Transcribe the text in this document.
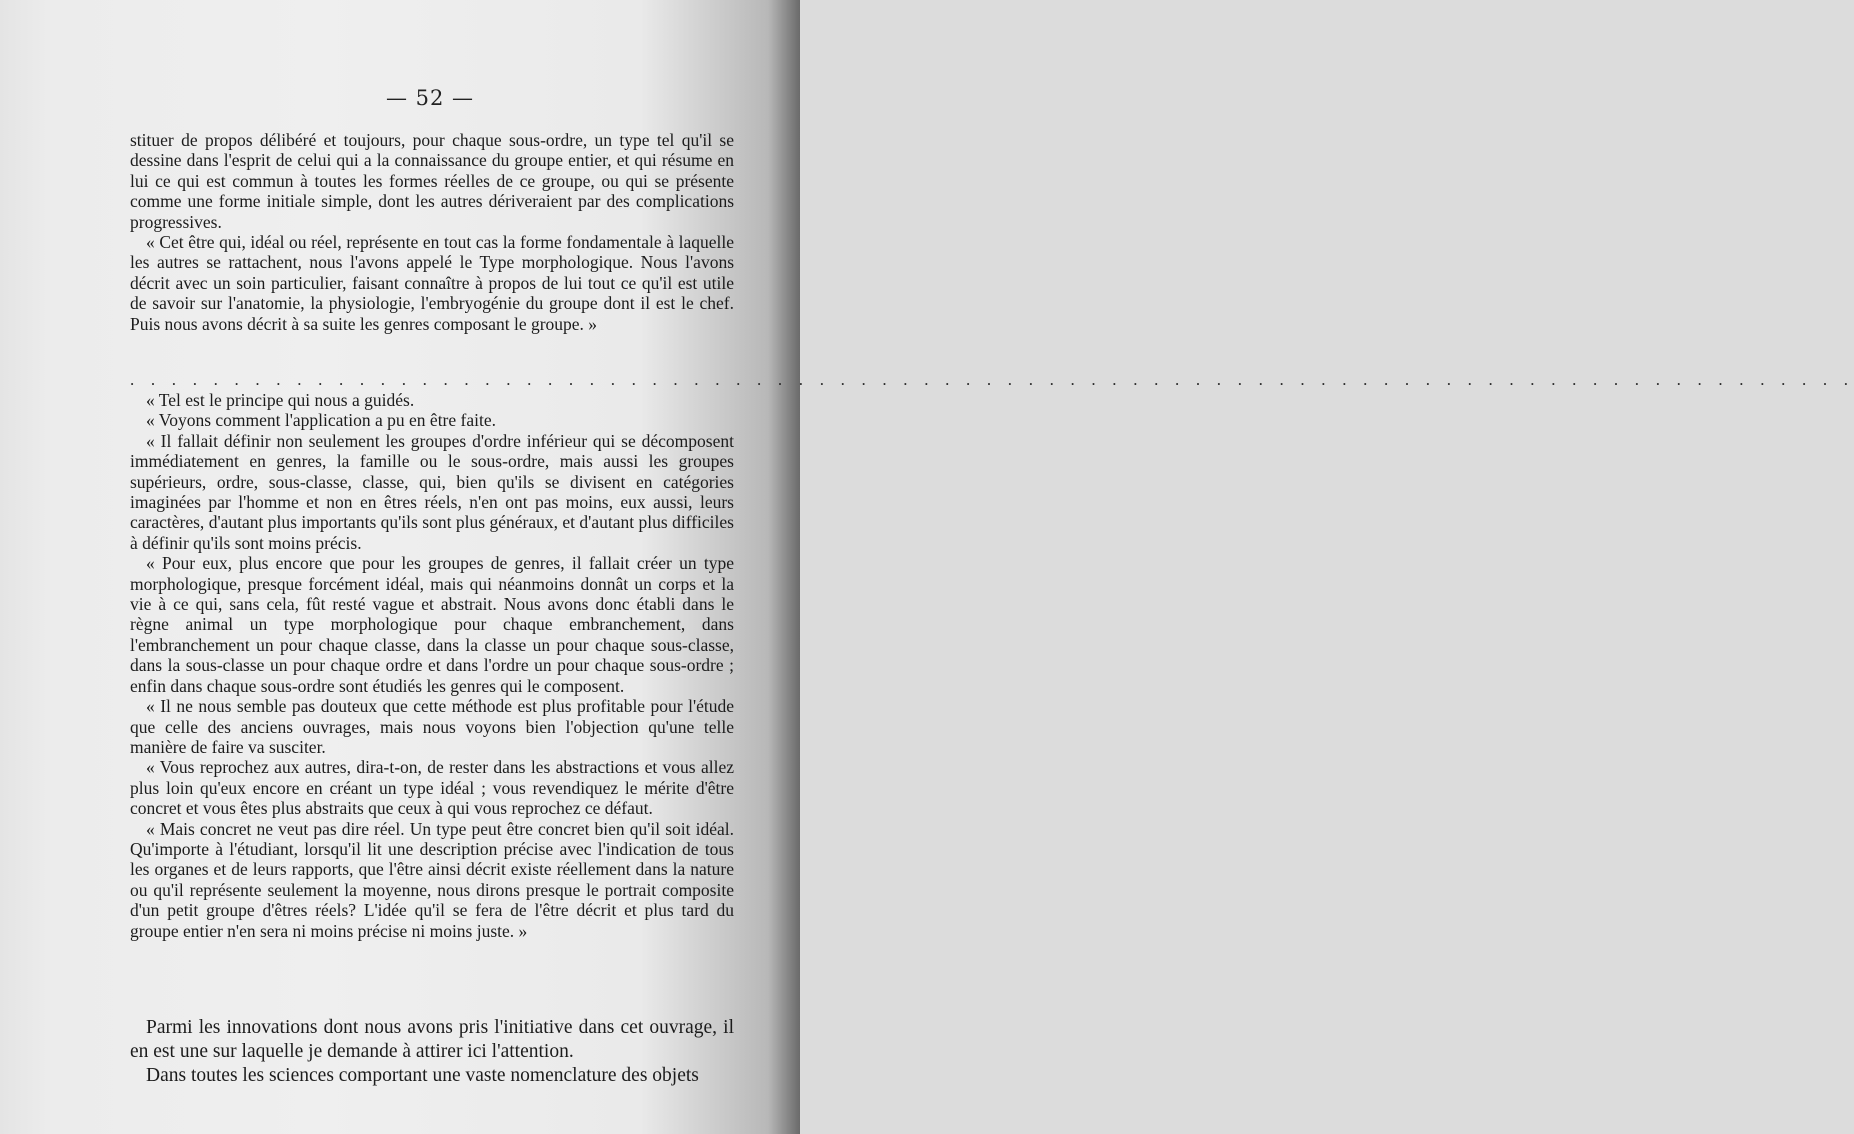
— 52 —

stituer de propos délibéré et toujours, pour chaque sous-ordre, un type tel qu'il se dessine dans l'esprit de celui qui a la connaissance du groupe entier, et qui résume en lui ce qui est commun à toutes les formes réelles de ce groupe, ou qui se présente comme une forme initiale simple, dont les autres dériveraient par des complications progressives.

« Cet être qui, idéal ou réel, représente en tout cas la forme fondamentale à laquelle les autres se rattachent, nous l'avons appelé le Type morphologique. Nous l'avons décrit avec un soin particulier, faisant connaître à propos de lui tout ce qu'il est utile de savoir sur l'anatomie, la physiologie, l'embryogénie du groupe dont il est le chef. Puis nous avons décrit à sa suite les genres composant le groupe. »

. . . . . . . . . . . . . . . . . . . . . . . . . . . . . . . . . . . . . . . . . . . . . . . . . . . . . . . . . . . . . . . . . . . . . . . . . . . . . . . . . . .

« Tel est le principe qui nous a guidés.

« Voyons comment l'application a pu en être faite.

« Il fallait définir non seulement les groupes d'ordre inférieur qui se décomposent immédiatement en genres, la famille ou le sous-ordre, mais aussi les groupes supérieurs, ordre, sous-classe, classe, qui, bien qu'ils se divisent en catégories imaginées par l'homme et non en êtres réels, n'en ont pas moins, eux aussi, leurs caractères, d'autant plus importants qu'ils sont plus généraux, et d'autant plus difficiles à définir qu'ils sont moins précis.

« Pour eux, plus encore que pour les groupes de genres, il fallait créer un type morphologique, presque forcément idéal, mais qui néanmoins donnât un corps et la vie à ce qui, sans cela, fût resté vague et abstrait. Nous avons donc établi dans le règne animal un type morphologique pour chaque embranchement, dans l'embranchement un pour chaque classe, dans la classe un pour chaque sous-classe, dans la sous-classe un pour chaque ordre et dans l'ordre un pour chaque sous-ordre ; enfin dans chaque sous-ordre sont étudiés les genres qui le composent.

« Il ne nous semble pas douteux que cette méthode est plus profitable pour l'étude que celle des anciens ouvrages, mais nous voyons bien l'objection qu'une telle manière de faire va susciter.

« Vous reprochez aux autres, dira-t-on, de rester dans les abstractions et vous allez plus loin qu'eux encore en créant un type idéal ; vous revendiquez le mérite d'être concret et vous êtes plus abstraits que ceux à qui vous reprochez ce défaut.

« Mais concret ne veut pas dire réel. Un type peut être concret bien qu'il soit idéal. Qu'importe à l'étudiant, lorsqu'il lit une description précise avec l'indication de tous les organes et de leurs rapports, que l'être ainsi décrit existe réellement dans la nature ou qu'il représente seulement la moyenne, nous dirons presque le portrait composite d'un petit groupe d'êtres réels? L'idée qu'il se fera de l'être décrit et plus tard du groupe entier n'en sera ni moins précise ni moins juste. »

Parmi les innovations dont nous avons pris l'initiative dans cet ouvrage, il en est une sur laquelle je demande à attirer ici l'attention.

Dans toutes les sciences comportant une vaste nomenclature des objets
